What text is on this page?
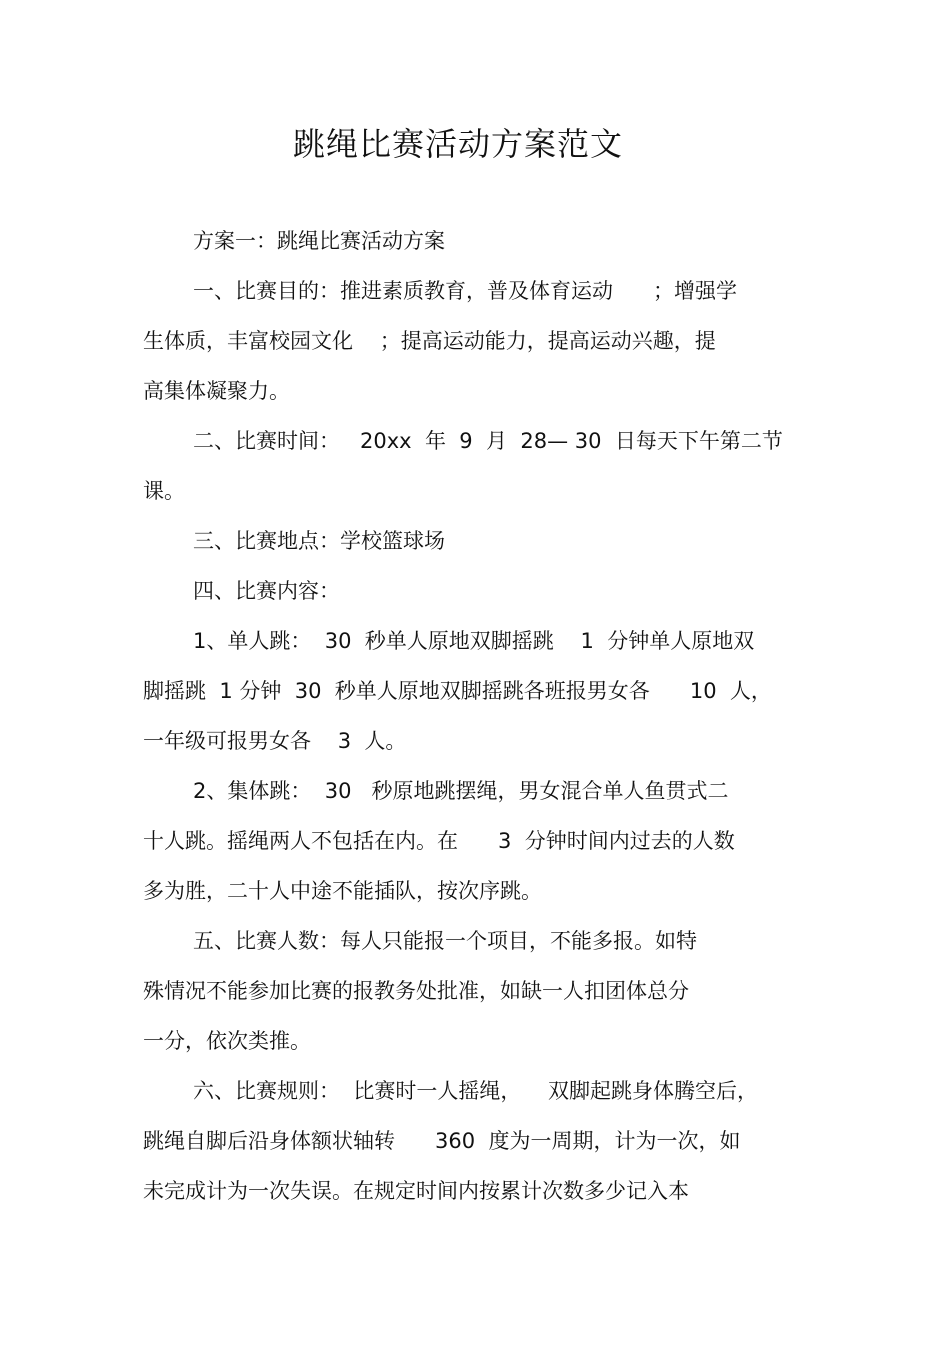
跳绳比赛活动方案范文
方案一：跳绳比赛活动方案
一、比赛目的：推进素质教育，普及体育运动      ；增强学
生体质，丰富校园文化    ；提高运动能力，提高运动兴趣，提
高集体凝聚力。
二、比赛时间：   20xx  年  9  月  28— 30  日每天下午第二节
课。
三、比赛地点：学校篮球场
四、比赛内容：
1、单人跳：  30  秒单人原地双脚摇跳    1  分钟单人原地双
脚摇跳  1 分钟  30  秒单人原地双脚摇跳各班报男女各      10  人，
一年级可报男女各    3  人。
2、集体跳：  30   秒原地跳摆绳，男女混合单人鱼贯式二
十人跳。摇绳两人不包括在内。在      3  分钟时间内过去的人数
多为胜，二十人中途不能插队，按次序跳。
五、比赛人数：每人只能报一个项目，不能多报。如特
殊情况不能参加比赛的报教务处批准，如缺一人扣团体总分
一分，依次类推。
六、比赛规则：  比赛时一人摇绳，    双脚起跳身体腾空后，
跳绳自脚后沿身体额状轴转      360  度为一周期，计为一次，如
未完成计为一次失误。在规定时间内按累计次数多少记入本
